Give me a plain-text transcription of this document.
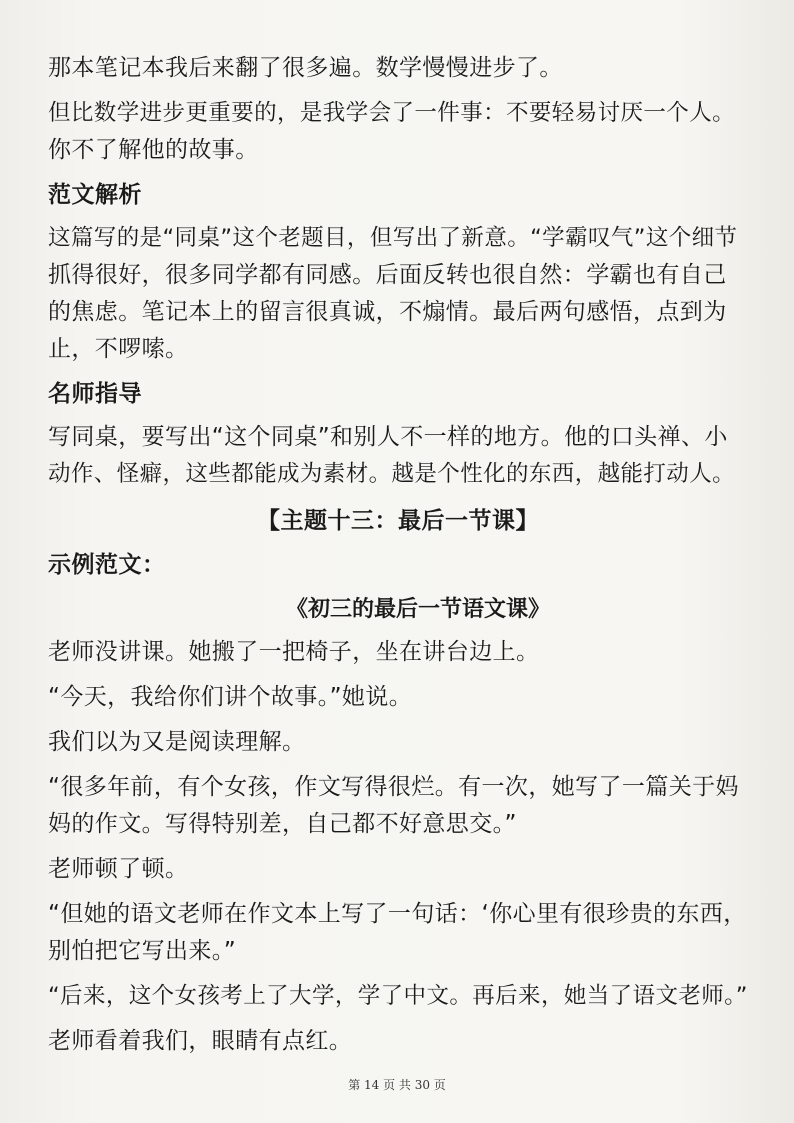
那本笔记本我后来翻了很多遍。数学慢慢进步了。
但比数学进步更重要的，是我学会了一件事：不要轻易讨厌一个人。
你不了解他的故事。
范文解析
这篇写的是“同桌”这个老题目，但写出了新意。“学霸叹气”这个细节
抓得很好，很多同学都有同感。后面反转也很自然：学霸也有自己
的焦虑。笔记本上的留言很真诚，不煽情。最后两句感悟，点到为
止，不啰嗦。
名师指导
写同桌，要写出“这个同桌”和别人不一样的地方。他的口头禅、小
动作、怪癖，这些都能成为素材。越是个性化的东西，越能打动人。
【主题十三：最后一节课】
示例范文：
《初三的最后一节语文课》
老师没讲课。她搬了一把椅子，坐在讲台边上。
“今天，我给你们讲个故事。”她说。
我们以为又是阅读理解。
“很多年前，有个女孩，作文写得很烂。有一次，她写了一篇关于妈
妈的作文。写得特别差，自己都不好意思交。”
老师顿了顿。
“但她的语文老师在作文本上写了一句话：‘你心里有很珍贵的东西，
别怕把它写出来。”
“后来，这个女孩考上了大学，学了中文。再后来，她当了语文老师。”
老师看着我们，眼睛有点红。
第 14 页 共 30 页
